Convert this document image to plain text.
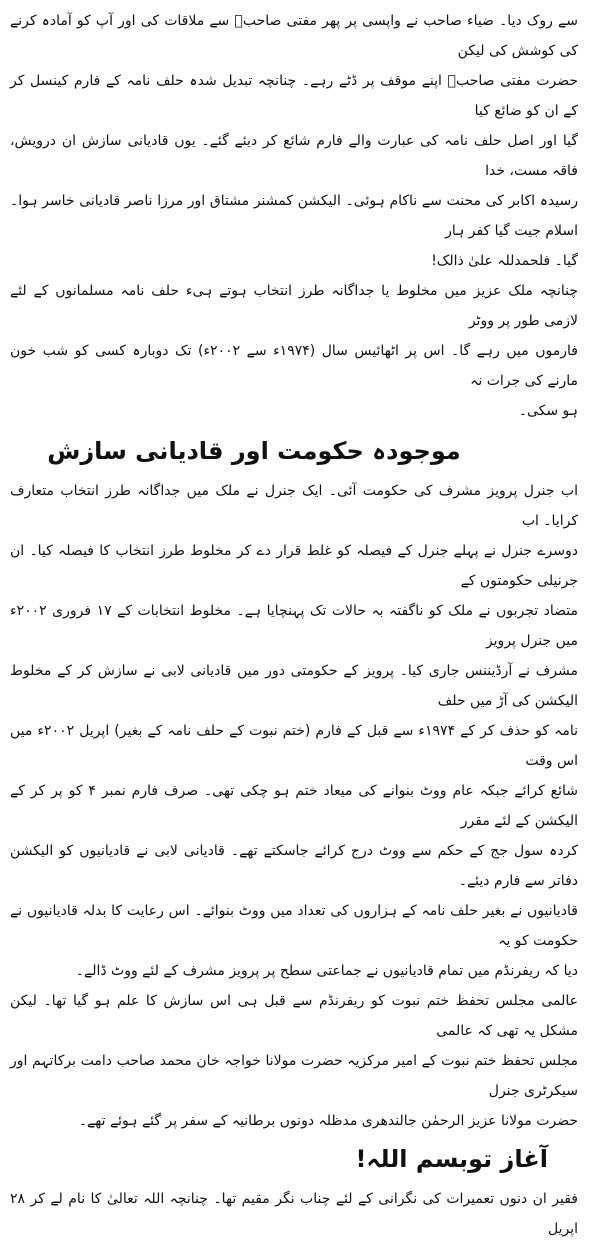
سے روک دیا۔ ضیاء صاحب نے واپسی پر پھر مفتی صاحبؒ سے ملاقات کی اور آپ کو آمادہ کرنے کی کوشش کی لیکن

حضرت مفتی صاحبؒ اپنے موقف پر ڈٹے رہے۔ چنانچہ تبدیل شدہ حلف نامہ کے فارم کینسل کر کے ان کو ضائع کیا

گیا اور اصل حلف نامہ کی عبارت والے فارم شائع کر دیئے گئے۔ یوں قادیانی سازش ان درویش، فاقہ مست، خدا

رسیدہ اکابر کی محنت سے ناکام ہوئی۔ الیکشن کمشنر مشتاق اور مرزا ناصر قادیانی خاسر ہوا۔ اسلام جیت گیا کفر ہار

گیا۔ فلحمدللہ علیٰ ذالک!

چنانچہ ملک عزیز میں مخلوط یا جداگانہ طرز انتخاب ہوتے ہیء حلف نامہ مسلمانوں کے لئے لازمی طور پر ووٹر

فارموں میں رہے گا۔ اس پر اٹھائیس سال (۱۹۷۴ء سے ۲۰۰۲ء) تک دوبارہ کسی کو شب خون مارنے کی جرات نہ

ہو سکی۔

موجودہ حکومت اور قادیانی سازش

اب جنرل پرویز مشرف کی حکومت آئی۔ ایک جنرل نے ملک میں جداگانہ طرز انتخاب متعارف کرایا۔ اب

دوسرے جنرل نے پہلے جنرل کے فیصلہ کو غلط قرار دے کر مخلوط طرز انتخاب کا فیصلہ کیا۔ ان جرنیلی حکومتوں کے

متضاد تجربوں نے ملک کو ناگفتہ بہ حالات تک پہنچایا ہے۔ مخلوط انتخابات کے ۱۷ فروری ۲۰۰۲ء میں جنرل پرویز

مشرف نے آرڈیننس جاری کیا۔ پرویز کے حکومتی دور میں قادیانی لابی نے سازش کر کے مخلوط الیکشن کی آڑ میں حلف

نامہ کو حذف کر کے ۱۹۷۴ء سے قبل کے فارم (ختم نبوت کے حلف نامہ کے بغیر) اپریل ۲۰۰۲ء میں اس وقت

شائع کرائے جبکہ عام ووٹ بنوانے کی میعاد ختم ہو چکی تھی۔ صرف فارم نمبر ۴ کو پر کر کے الیکشن کے لئے مقرر

کردہ سول جج کے حکم سے ووٹ درج کرائے جاسکتے تھے۔ قادیانی لابی نے قادیانیوں کو الیکشن دفاتر سے فارم دیئے۔

قادیانیوں نے بغیر حلف نامہ کے ہزاروں کی تعداد میں ووٹ بنوائے۔ اس رعایت کا بدلہ قادیانیوں نے حکومت کو یہ

دیا کہ ریفرنڈم میں تمام قادیانیوں نے جماعتی سطح پر پرویز مشرف کے لئے ووٹ ڈالے۔

عالمی مجلس تحفظ ختم نبوت کو ریفرنڈم سے قبل ہی اس سازش کا علم ہو گیا تھا۔ لیکن مشکل یہ تھی کہ عالمی

مجلس تحفظ ختم نبوت کے امیر مرکزیہ حضرت مولانا خواجہ خان محمد صاحب دامت برکاتہم اور سیکرٹری جنرل

حضرت مولانا عزیز الرحمٰن جالندھری مدظلہ دونوں برطانیہ کے سفر پر گئے ہوئے تھے۔

آغاز توبسم اللہ!

فقیر ان دنوں تعمیرات کی نگرانی کے لئے چناب نگر مقیم تھا۔ چنانچہ اللہ تعالیٰ کا نام لے کر ۲۸ اپریل
